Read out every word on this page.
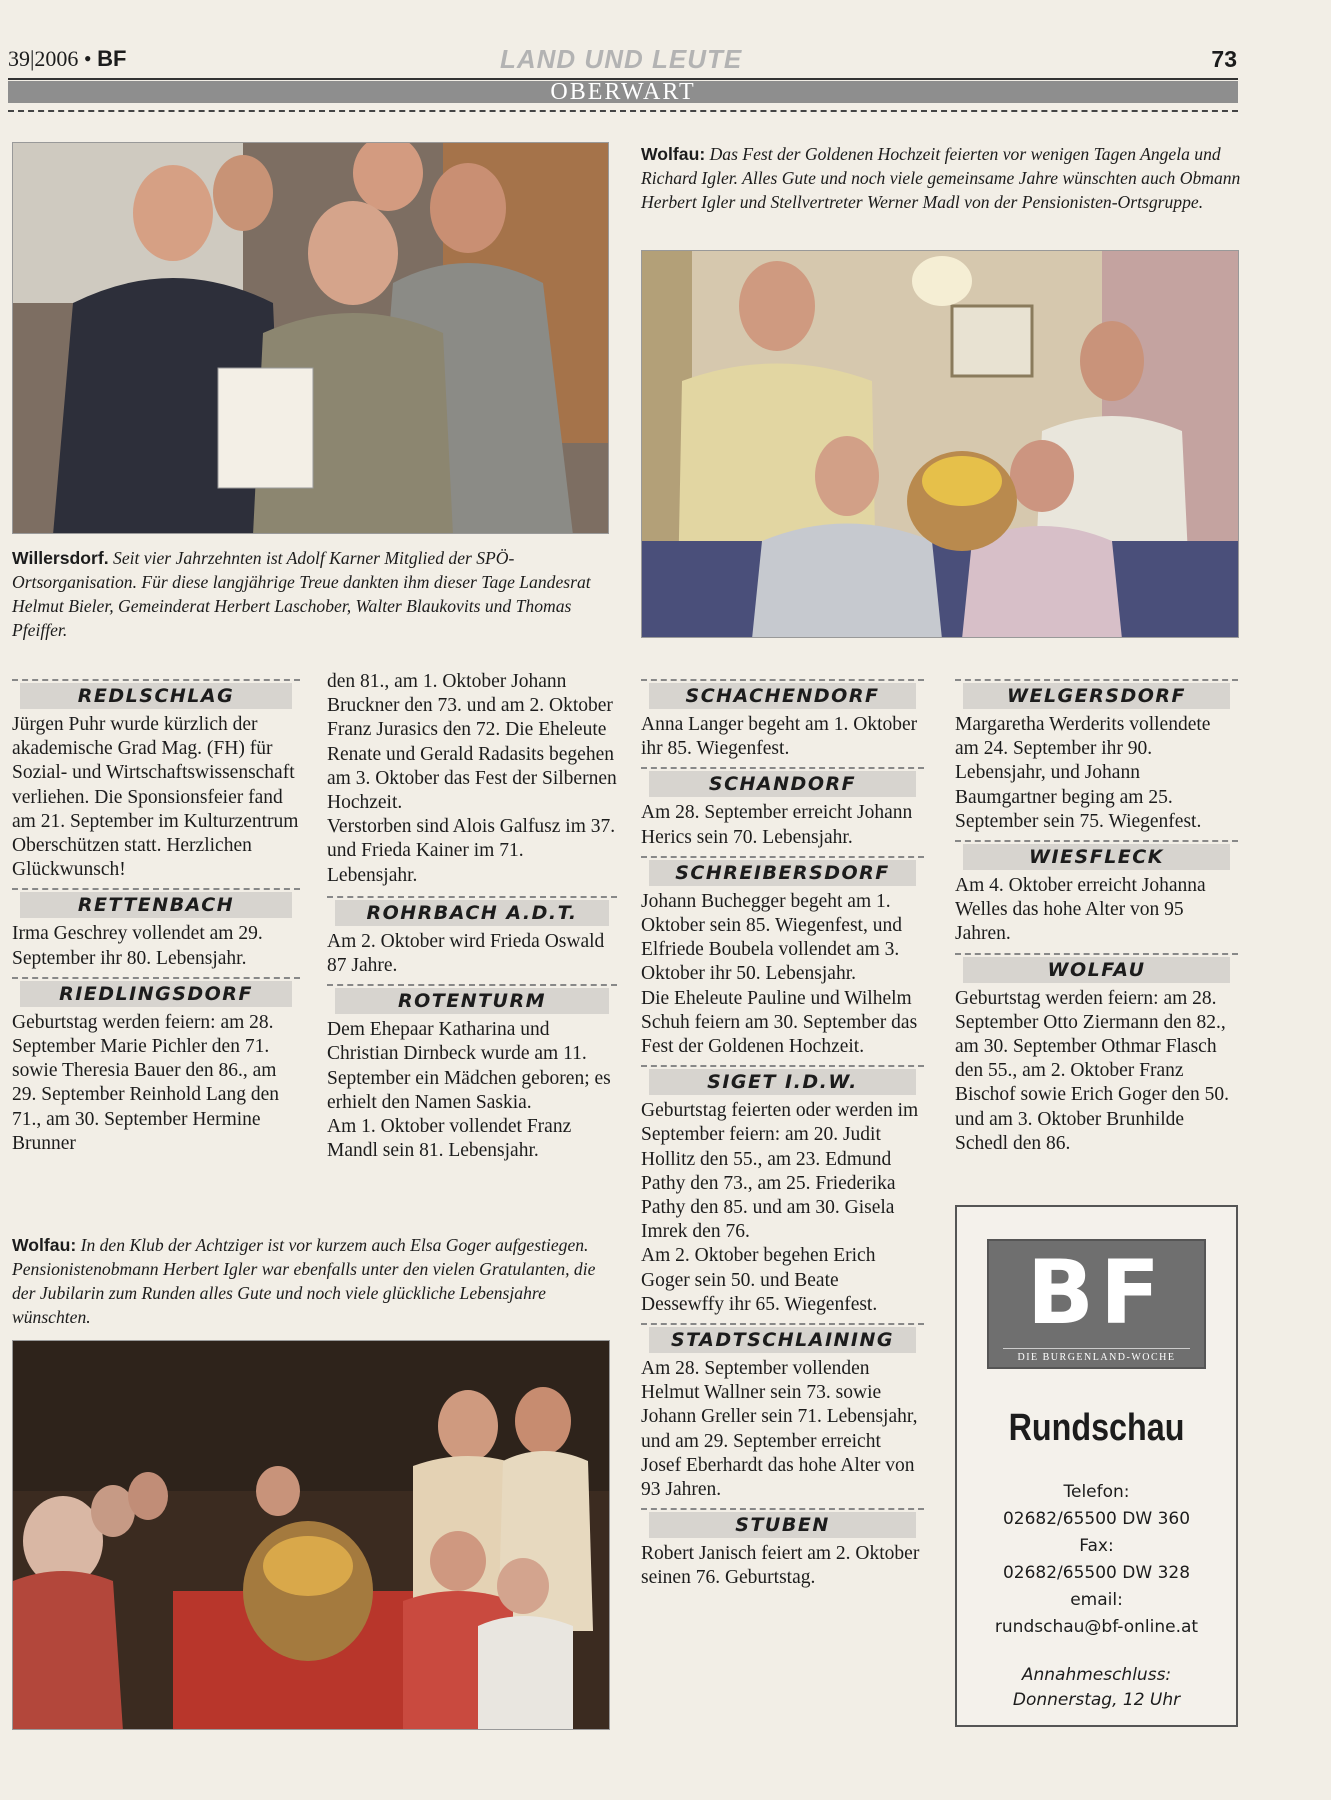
39|2006 • BF	LAND UND LEUTE	73
OBERWART
Willersdorf. Seit vier Jahrzehnten ist Adolf Karner Mitglied der SPÖ-Ortsorganisation. Für diese langjährige Treue dankten ihm dieser Tage Landesrat Helmut Bieler, Gemeinderat Herbert Laschober, Walter Blaukovits und Thomas Pfeiffer.
Wolfau: Das Fest der Goldenen Hochzeit feierten vor wenigen Tagen Angela und Richard Igler. Alles Gute und noch viele gemeinsame Jahre wünschten auch Obmann Herbert Igler und Stellvertreter Werner Madl von der Pensionisten-Ortsgruppe.
REDLSCHLAG

Jürgen Puhr wurde kürzlich der akademische Grad Mag. (FH) für Sozial- und Wirtschaftswissenschaft verliehen. Die Sponsionsfeier fand am 21. September im Kulturzentrum Oberschützen statt. Herzlichen Glückwunsch!

RETTENBACH

Irma Geschrey vollendet am 29. September ihr 80. Lebensjahr.

RIEDLINGSDORF

Geburtstag werden feiern: am 28. September Marie Pichler den 71. sowie Theresia Bauer den 86., am 29. September Reinhold Lang den 71., am 30. September Hermine Brunner

den 81., am 1. Oktober Johann Bruckner den 73. und am 2. Oktober Franz Jurasics den 72. Die Eheleute Renate und Gerald Radasits begehen am 3. Oktober das Fest der Silbernen Hochzeit.

Verstorben sind Alois Galfusz im 37. und Frieda Kainer im 71. Lebensjahr.

ROHRBACH A.D.T.

Am 2. Oktober wird Frieda Oswald 87 Jahre.

ROTENTURM

Dem Ehepaar Katharina und Christian Dirnbeck wurde am 11. September ein Mädchen geboren; es erhielt den Namen Saskia.

Am 1. Oktober vollendet Franz Mandl sein 81. Lebensjahr.

Wolfau: In den Klub der Achtziger ist vor kurzem auch Elsa Goger aufgestiegen. Pensionistenobmann Herbert Igler war ebenfalls unter den vielen Gratulanten, die der Jubilarin zum Runden alles Gute und noch viele glückliche Lebensjahre wünschten.
SCHACHENDORF

Anna Langer begeht am 1. Oktober ihr 85. Wiegenfest.

SCHANDORF

Am 28. September erreicht Johann Herics sein 70. Lebensjahr.

SCHREIBERSDORF

Johann Buchegger begeht am 1. Oktober sein 85. Wiegenfest, und Elfriede Boubela vollendet am 3. Oktober ihr 50. Lebensjahr.

Die Eheleute Pauline und Wilhelm Schuh feiern am 30. September das Fest der Goldenen Hochzeit.

SIGET I.D.W.

Geburtstag feierten oder werden im September feiern: am 20. Judit Hollitz den 55., am 23. Edmund Pathy den 73., am 25. Friederika Pathy den 85. und am 30. Gisela Imrek den 76.

Am 2. Oktober begehen Erich Goger sein 50. und Beate Dessewffy ihr 65. Wiegenfest.

STADTSCHLAINING

Am 28. September vollenden Helmut Wallner sein 73. sowie Johann Greller sein 71. Lebensjahr, und am 29. September erreicht Josef Eberhardt das hohe Alter von 93 Jahren.

STUBEN

Robert Janisch feiert am 2. Oktober seinen 76. Geburtstag.

WELGERSDORF

Margaretha Werderits vollendete am 24. September ihr 90. Lebensjahr, und Johann Baumgartner beging am 25. September sein 75. Wiegenfest.

WIESFLECK

Am 4. Oktober erreicht Johanna Welles das hohe Alter von 95 Jahren.

WOLFAU

Geburtstag werden feiern: am 28. September Otto Ziermann den 82., am 30. September Othmar Flasch den 55., am 2. Oktober Franz Bischof sowie Erich Goger den 50. und am 3. Oktober Brunhilde Schedl den 86.

BF
DIE BURGENLAND-WOCHE
Rundschau
Telefon:
02682/65500 DW 360
Fax:
02682/65500 DW 328
email:
rundschau@bf-online.at
Annahmeschluss:
Donnerstag, 12 Uhr
